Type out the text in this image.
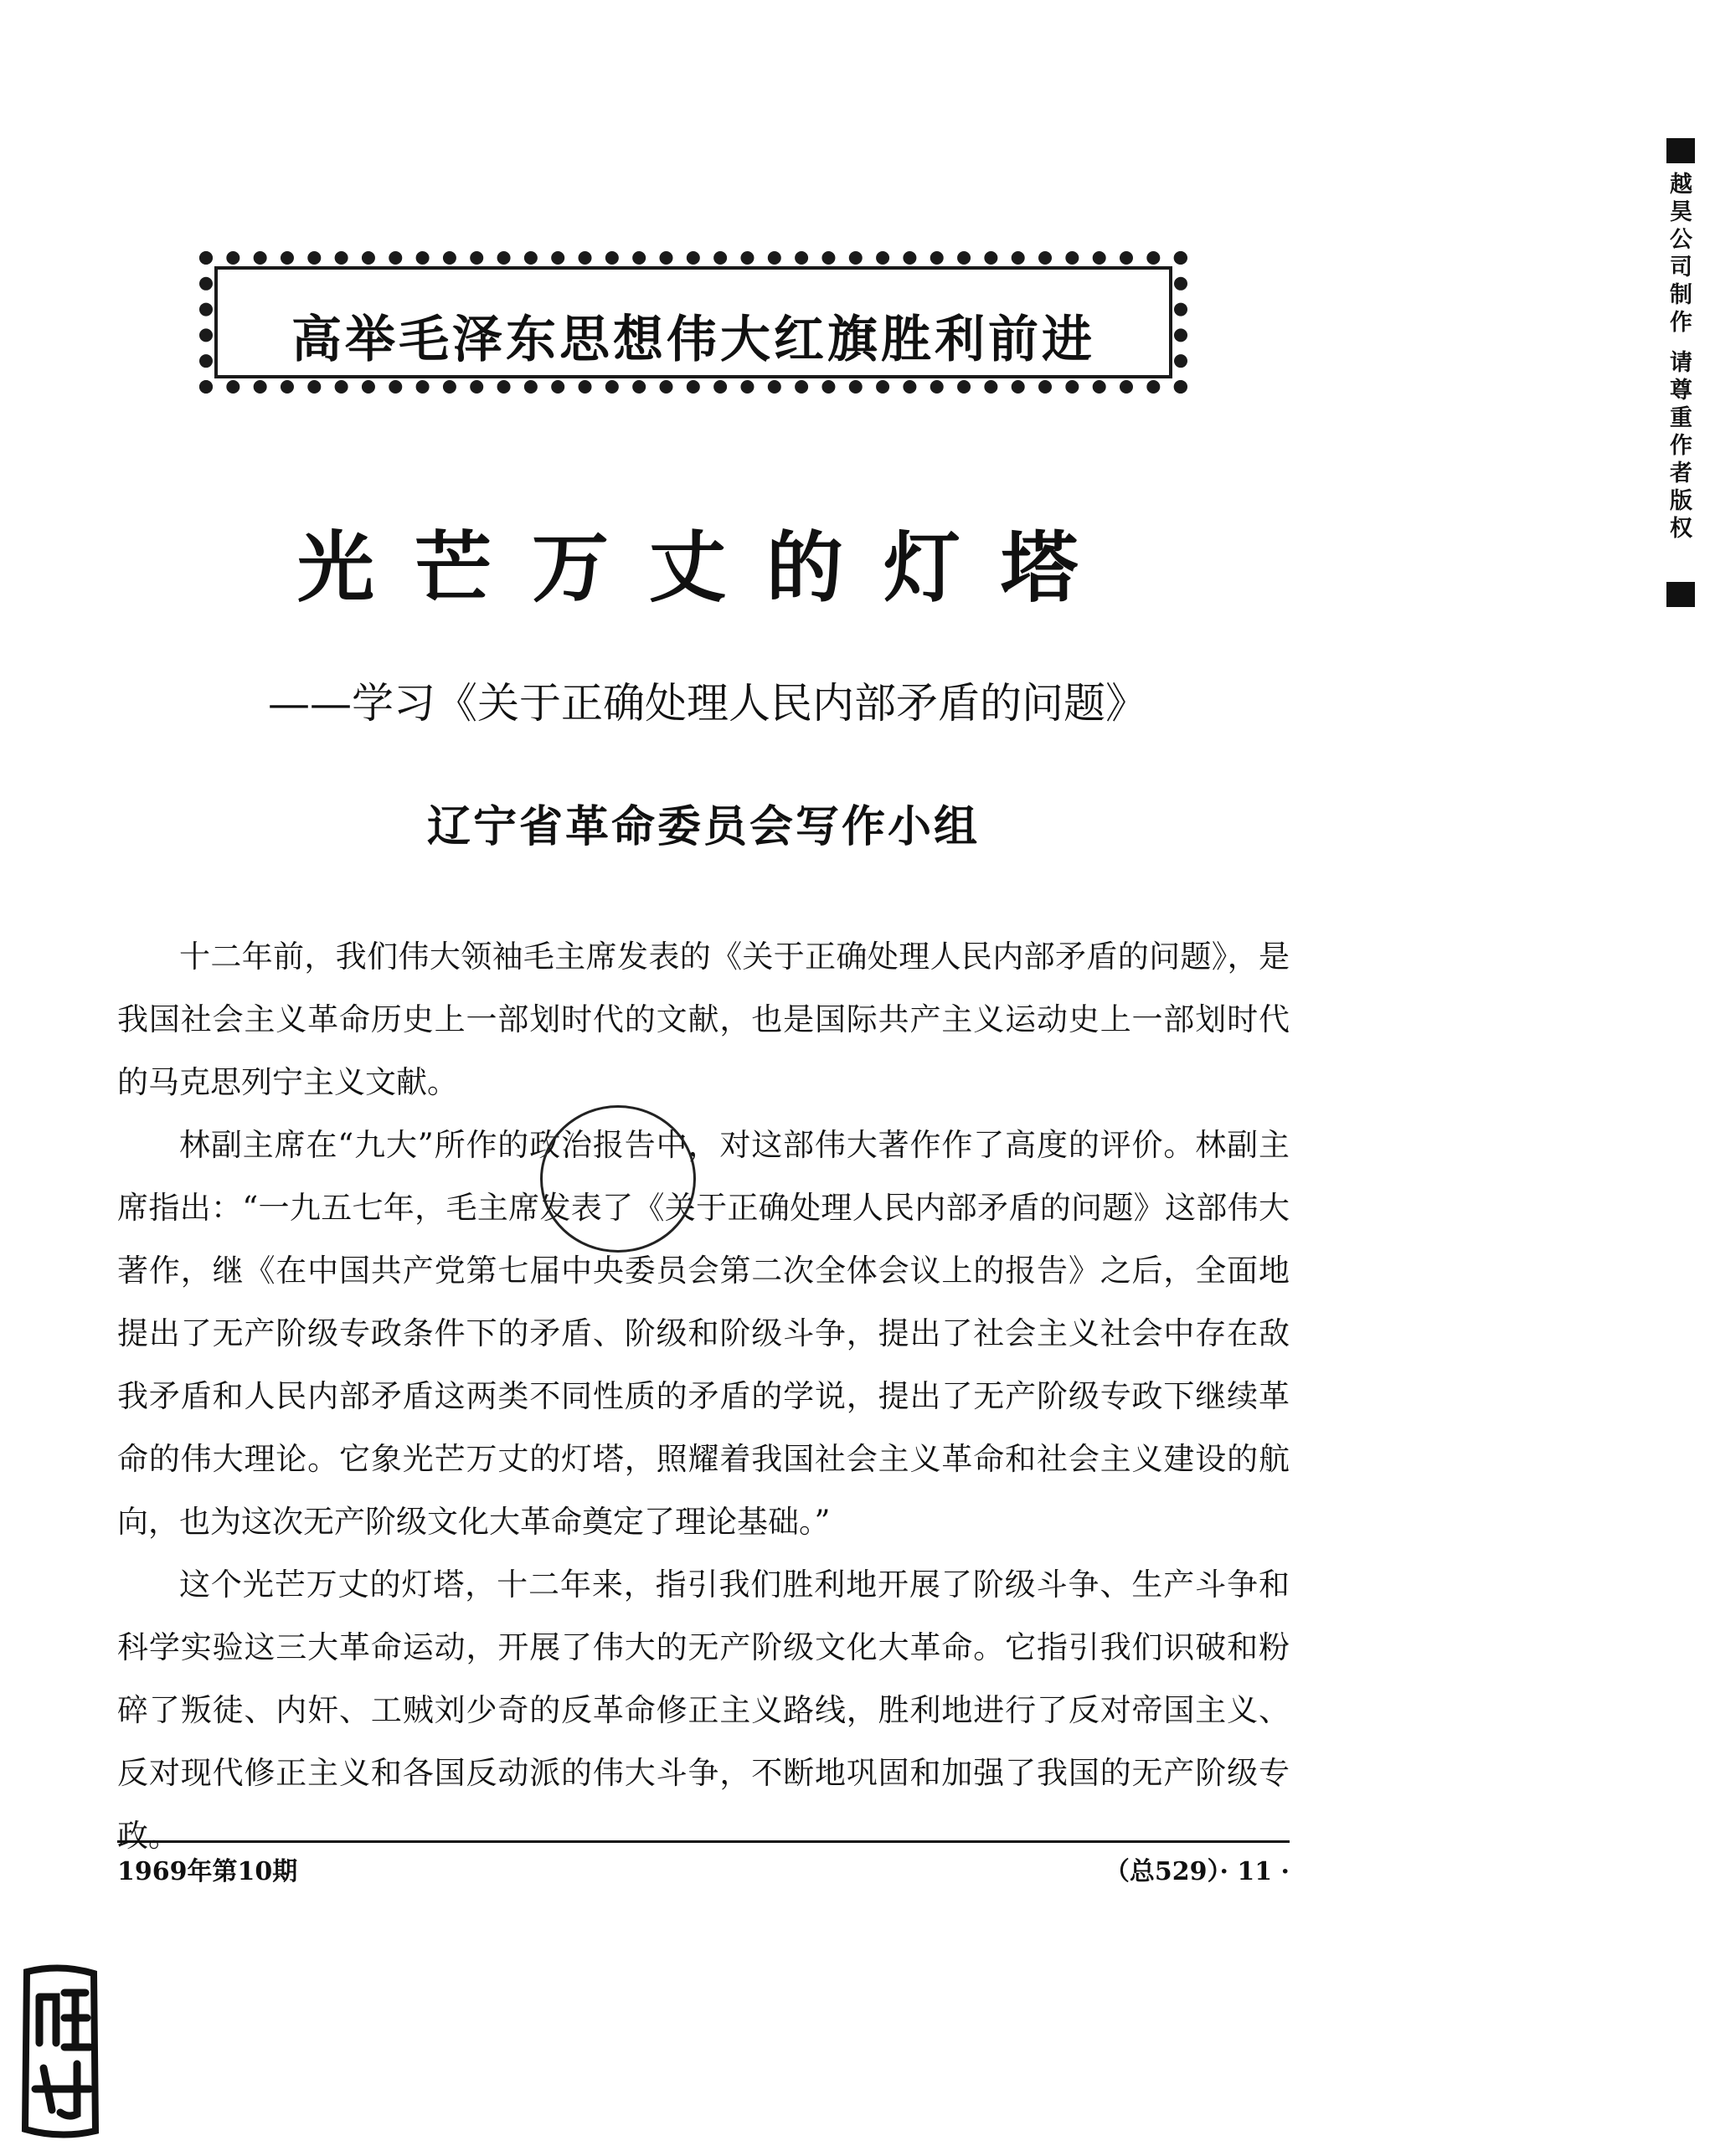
高举毛泽东思想伟大红旗胜利前进
光芒万丈的灯塔
——学习《关于正确处理人民内部矛盾的问题》
辽宁省革命委员会写作小组

十二年前，我们伟大领袖毛主席发表的《关于正确处理人民内部矛盾的问题》，是我国社会主义革命历史上一部划时代的文献，也是国际共产主义运动史上一部划时代的马克思列宁主义文献。

林副主席在“九大”所作的政治报告中，对这部伟大著作作了高度的评价。林副主席指出：“一九五七年，毛主席发表了《关于正确处理人民内部矛盾的问题》这部伟大著作，继《在中国共产党第七届中央委员会第二次全体会议上的报告》之后，全面地提出了无产阶级专政条件下的矛盾、阶级和阶级斗争，提出了社会主义社会中存在敌我矛盾和人民内部矛盾这两类不同性质的矛盾的学说，提出了无产阶级专政下继续革命的伟大理论。它象光芒万丈的灯塔，照耀着我国社会主义革命和社会主义建设的航向，也为这次无产阶级文化大革命奠定了理论基础。”

这个光芒万丈的灯塔，十二年来，指引我们胜利地开展了阶级斗争、生产斗争和科学实验这三大革命运动，开展了伟大的无产阶级文化大革命。它指引我们识破和粉碎了叛徒、内奸、工贼刘少奇的反革命修正主义路线，胜利地进行了反对帝国主义、反对现代修正主义和各国反动派的伟大斗争，不断地巩固和加强了我国的无产阶级专政。

1969年第10期	（总529）· 11 ·
越昊公司制作 请尊重作者版权
